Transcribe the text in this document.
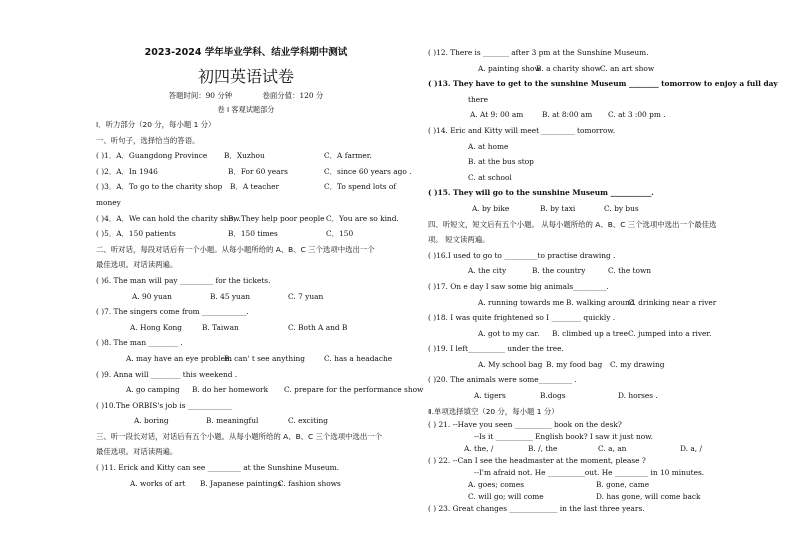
2023-2024 学年毕业学科、结业学科期中测试
初四英语试卷
答题时间：90 分钟	卷面分值：120 分
卷 I 客观试题部分
Ⅰ．听力部分（20 分，每小题 1 分）
一、听句子，选择恰当的答语。
( )1．A．Guangdong Province B．Xuzhou	C．A farmer.
( )2．A．In 1946	B．For 60 years	C．since 60 years ago .
( )3．A．To go to the charity shop B．A teacher	C．To spend lots of
money
( )4．A．We can hold the charity show.
B．They help poor people C．You are so kind.
( )5．A．150 patients	B．150 times	C．150
二、听对话，每段对话后有一个小题。从每小题所给的 A、B、C 三个选项中选出一个
最佳选项。对话读两遍。
( )6. The man will pay _________ for the tickets.
A. 90 yuan	B. 45 yuan	C. 7 yuan
( )7. The singers come from ____________.
A. Hong Kong	B. Taiwan	C. Both A and B
( )8. The man ________ .
A. may have an eye problem
B. can' t see anything	C. has a headache
( )9. Anna will ________ this weekend .
A. go camping B. do her homework C. prepare for the performance show
( )10.The ORBIS's job is ____________
A. boring	B. meaningful	C. exciting
三、听一段长对话，对话后有五个小题。从每小题所给的 A、B、C 三个选项中选出一个
最佳选项。对话读两遍。
( )11. Erick and Kitty can see _________ at the Sunshine Museum.
A. works of art B. Japanese paintings
C. fashion shows
( )12. There is _______ after 3 pm at the Sunshine Museum.
A. painting show
B. a charity show C. an art show
( )13. They have to get to the sunshine Museum ________ tomorrow to enjoy a full day
there
A. At 9: 00 am	B. at 8:00 am C. at 3 :00 pm .
( )14. Eric and Kitty will meet _________ tomorrow.
A. at home
B. at the bus stop
C. at school
( )15. They will go to the sunshine Museum ___________.
A. by bike	B. by taxi	C. by bus
四、听短文，短文后有五个小题。 从每小题所给的 A、B、C 三个选项中选出一个最佳选
项。 短文读两遍。
( )16.I used to go to _________to practise drawing .
A. the city	B. the country	C. the town
( )17. On e day I saw some big animals_________.
A. running towards me B. walking around
C. drinking near a river
( )18. I was quite frightened so I ________ quickly .
A. got to my car. B. climbed up a tree C. jumped into a river.
( )19. I left__________ under the tree.
A. My school bag B. my food bag C. my drawing
( )20. The animals were some_________ .
A. tigers	B.dogs	D. horses .
Ⅱ.单项选择填空（20 分，每小题 1 分）
( ) 21. --Have you seen __________ book on the desk?
--Is it __________ English book? I saw it just now.
A. the, /	B. /, the	C. a, an	D. a, /
( ) 22. --Can I see the headmaster at the moment, please ?
--I'm afraid not. He __________out. He _________ in 10 minutes.
A. goes; comes	B. gone, came
C. will go; will come	D. has gone, will come back
( ) 23. Great changes _____________ in the last three years.
